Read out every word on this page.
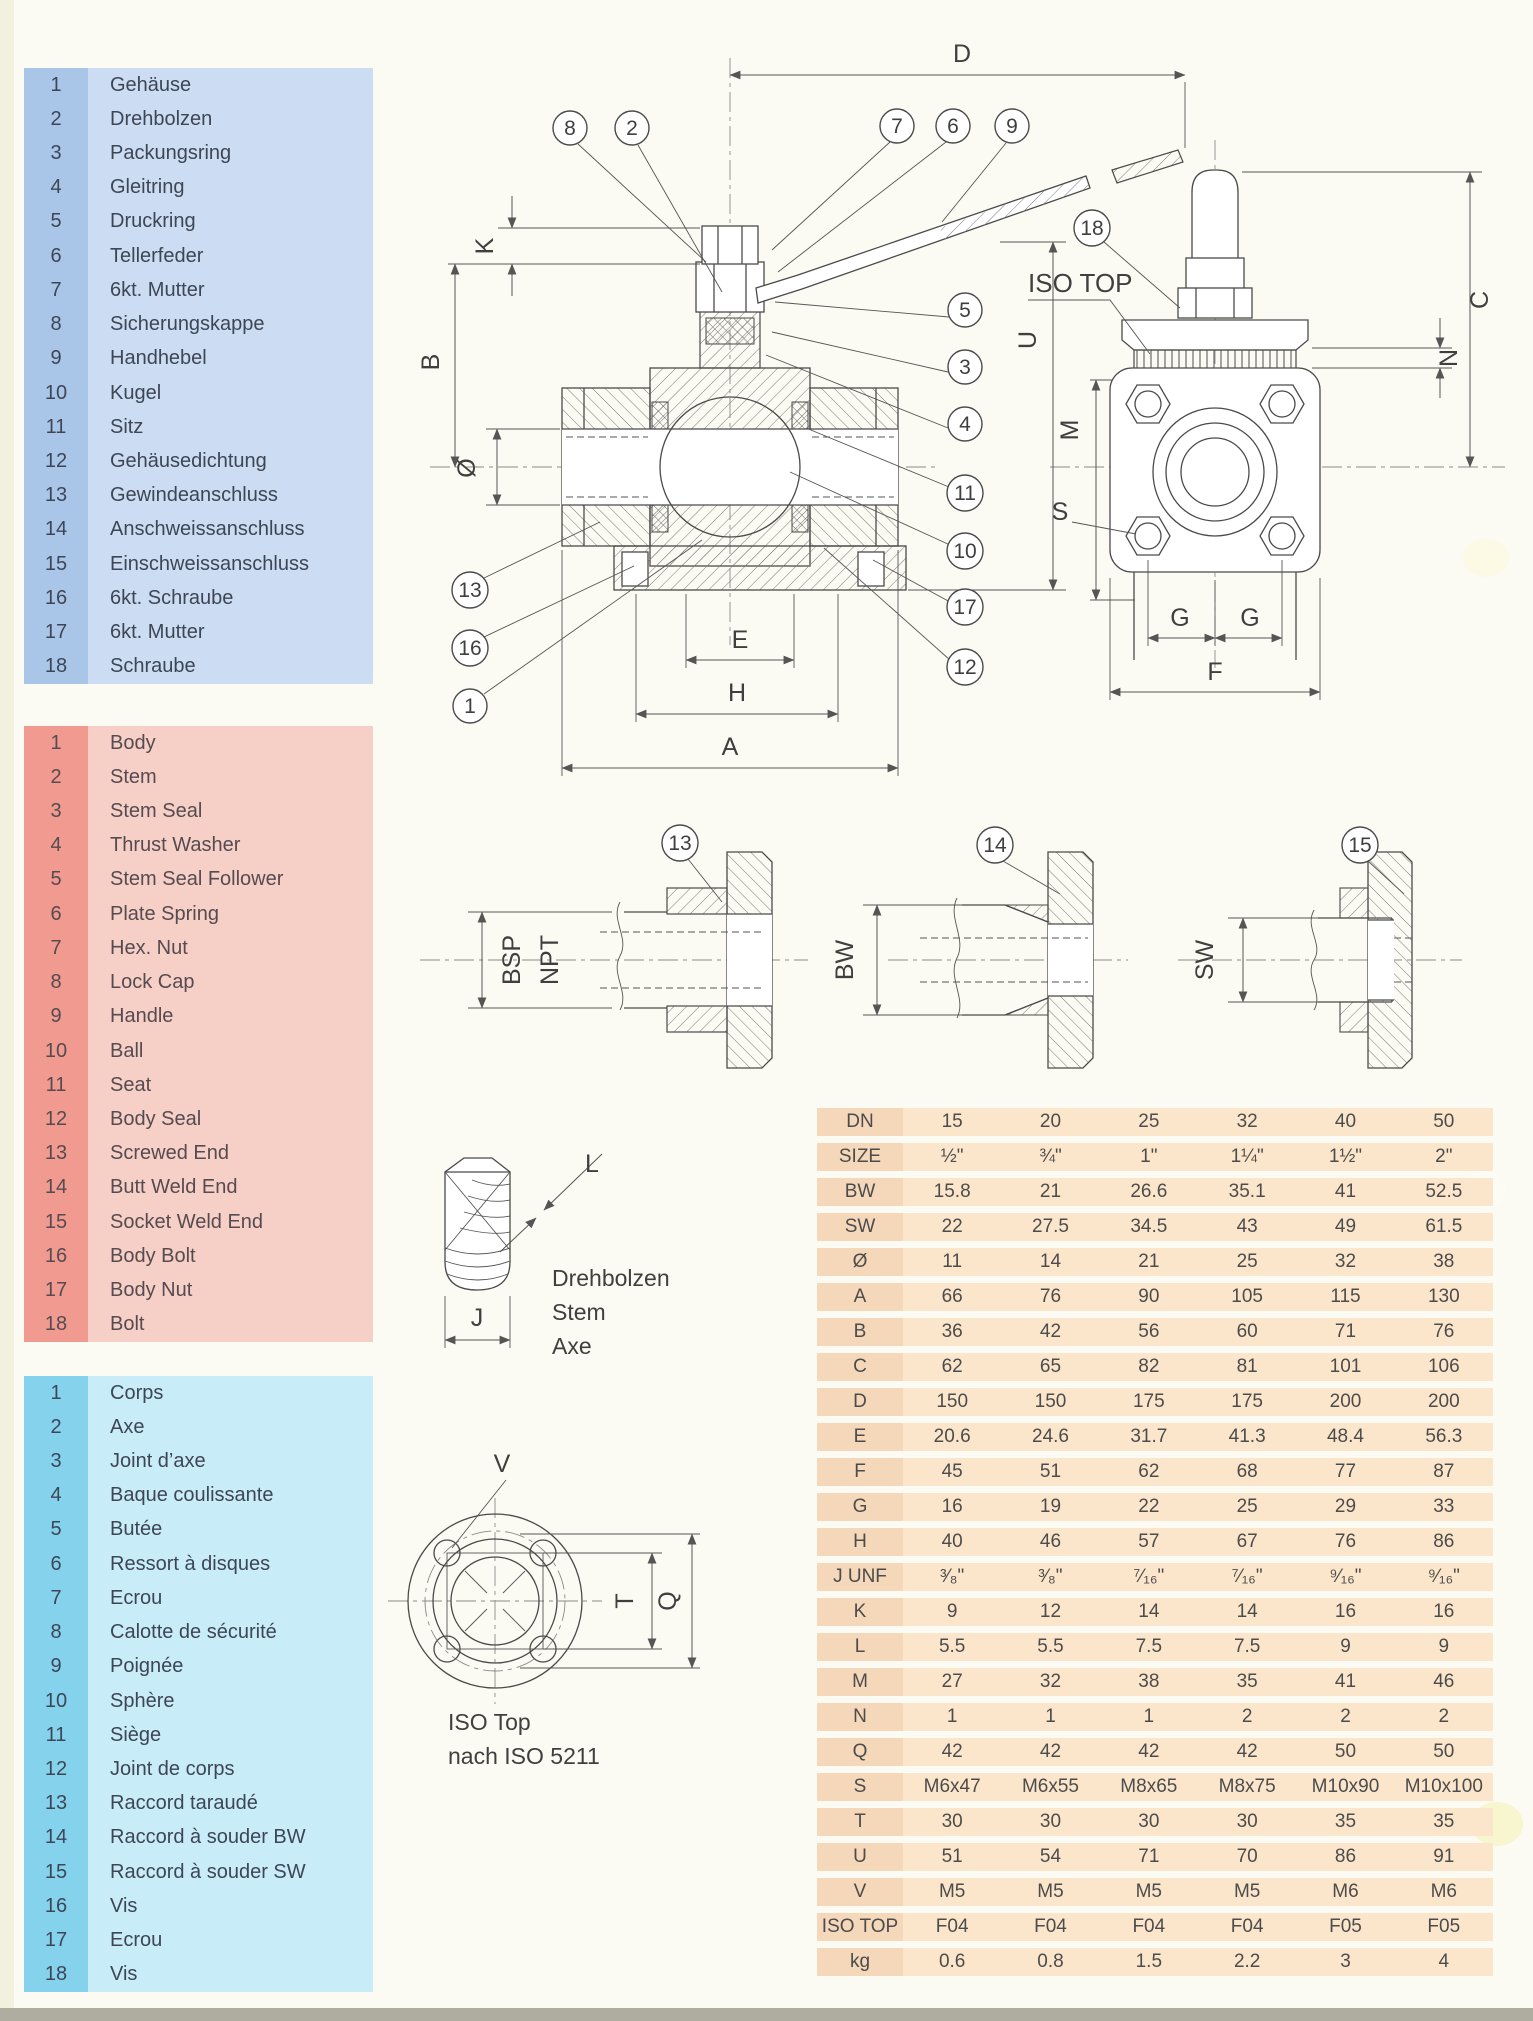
D
K
B
Ø
U
E
H
A
8 2	7 6 9
5
3
4
11
10
17
12
13
16
1
18
ISO TOP
C
N
M
S
G G
F
BSP NPT
13
BW
14
SW
15
L
J
Drehbolzen
Stem
Axe
T Q
V
ISO Top
nach ISO 5211
1	Gehäuse
2	Drehbolzen
3	Packungsring
4	Gleitring
5	Druckring
6	Tellerfeder
7	6kt. Mutter
8	Sicherungskappe
9	Handhebel
10	Kugel
11	Sitz
12	Gehäusedichtung
13	Gewindeanschluss
14	Anschweissanschluss
15	Einschweissanschluss
16	6kt. Schraube
17	6kt. Mutter
18	Schraube
1	Body
2	Stem
3	Stem Seal
4	Thrust Washer
5	Stem Seal Follower
6	Plate Spring
7	Hex. Nut
8	Lock Cap
9	Handle
10	Ball
11	Seat
12	Body Seal
13	Screwed End
14	Butt Weld End
15	Socket Weld End
16	Body Bolt
17	Body Nut
18	Bolt
1	Corps
2	Axe
3	Joint d’axe
4	Baque coulissante
5	Butée
6	Ressort à disques
7	Ecrou
8	Calotte de sécurité
9	Poignée
10	Sphère
11	Siège
12	Joint de corps
13	Raccord taraudé
14	Raccord à souder BW
15	Raccord à souder SW
16	Vis
17	Ecrou
18	Vis
DN	15	20	25	32	40	50
SIZE	½"	¾"	1"	1¼"	1½"	2"
BW	15.8	21	26.6	35.1	41	52.5
SW	22	27.5	34.5	43	49	61.5
Ø	11	14	21	25	32	38
A	66	76	90	105	115	130
B	36	42	56	60	71	76
C	62	65	82	81	101	106
D	150	150	175	175	200	200
E	20.6	24.6	31.7	41.3	48.4	56.3
F	45	51	62	68	77	87
G	16	19	22	25	29	33
H	40	46	57	67	76	86
J UNF	³⁄₈"	³⁄₈"	⁷⁄₁₆"	⁷⁄₁₆"	⁹⁄₁₆"	⁹⁄₁₆"
K	9	12	14	14	16	16
L	5.5	5.5	7.5	7.5	9	9
M	27	32	38	35	41	46
N	1	1	1	2	2	2
Q	42	42	42	42	50	50
S	M6x47	M6x55	M8x65	M8x75	M10x90	M10x100
T	30	30	30	30	35	35
U	51	54	71	70	86	91
V	M5	M5	M5	M5	M6	M6
ISO TOP	F04	F04	F04	F04	F05	F05
kg	0.6	0.8	1.5	2.2	3	4
